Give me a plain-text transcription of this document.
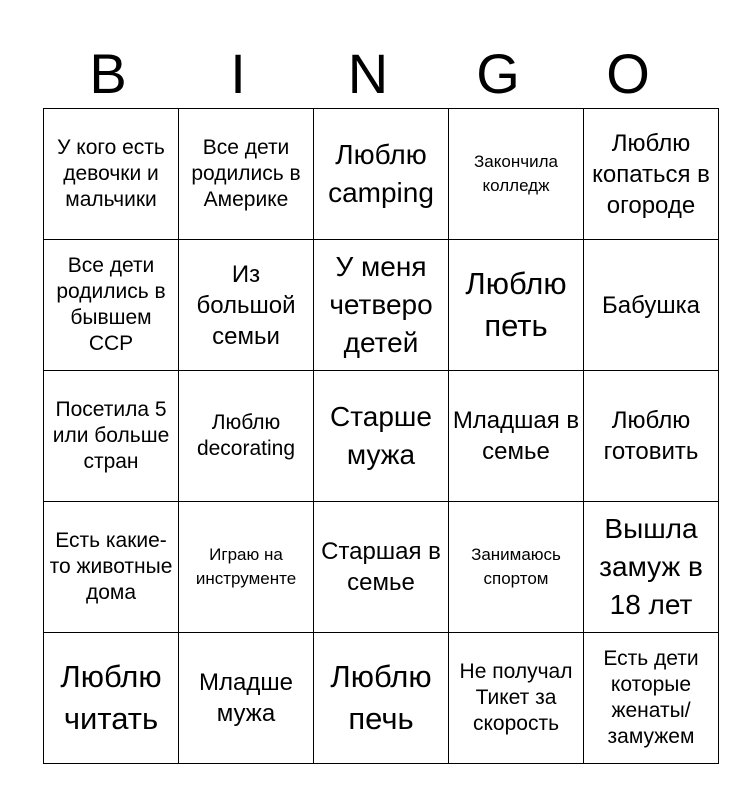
B	I	N	G	O
У кого есть девочки и мальчики	Все дети родились в Америке	Люблю camping	Закончила колледж	Люблю копаться в огороде

Все дети родились в бывшем ССР	Из большой семьи	У меня четверо детей	Люблю петь	Бабушка

Посетила 5 или больше стран	Люблю decorating	Старше мужа	Младшая в семье	Люблю готовить

Есть какие-то животные дома	Играю на инструменте	Старшая в семье	Занимаюсь спортом	Вышла замуж в 18 лет

Люблю читать	Младше мужа	Люблю печь	Не получал Тикет за скорость	Есть дети которые женаты/ замужем
